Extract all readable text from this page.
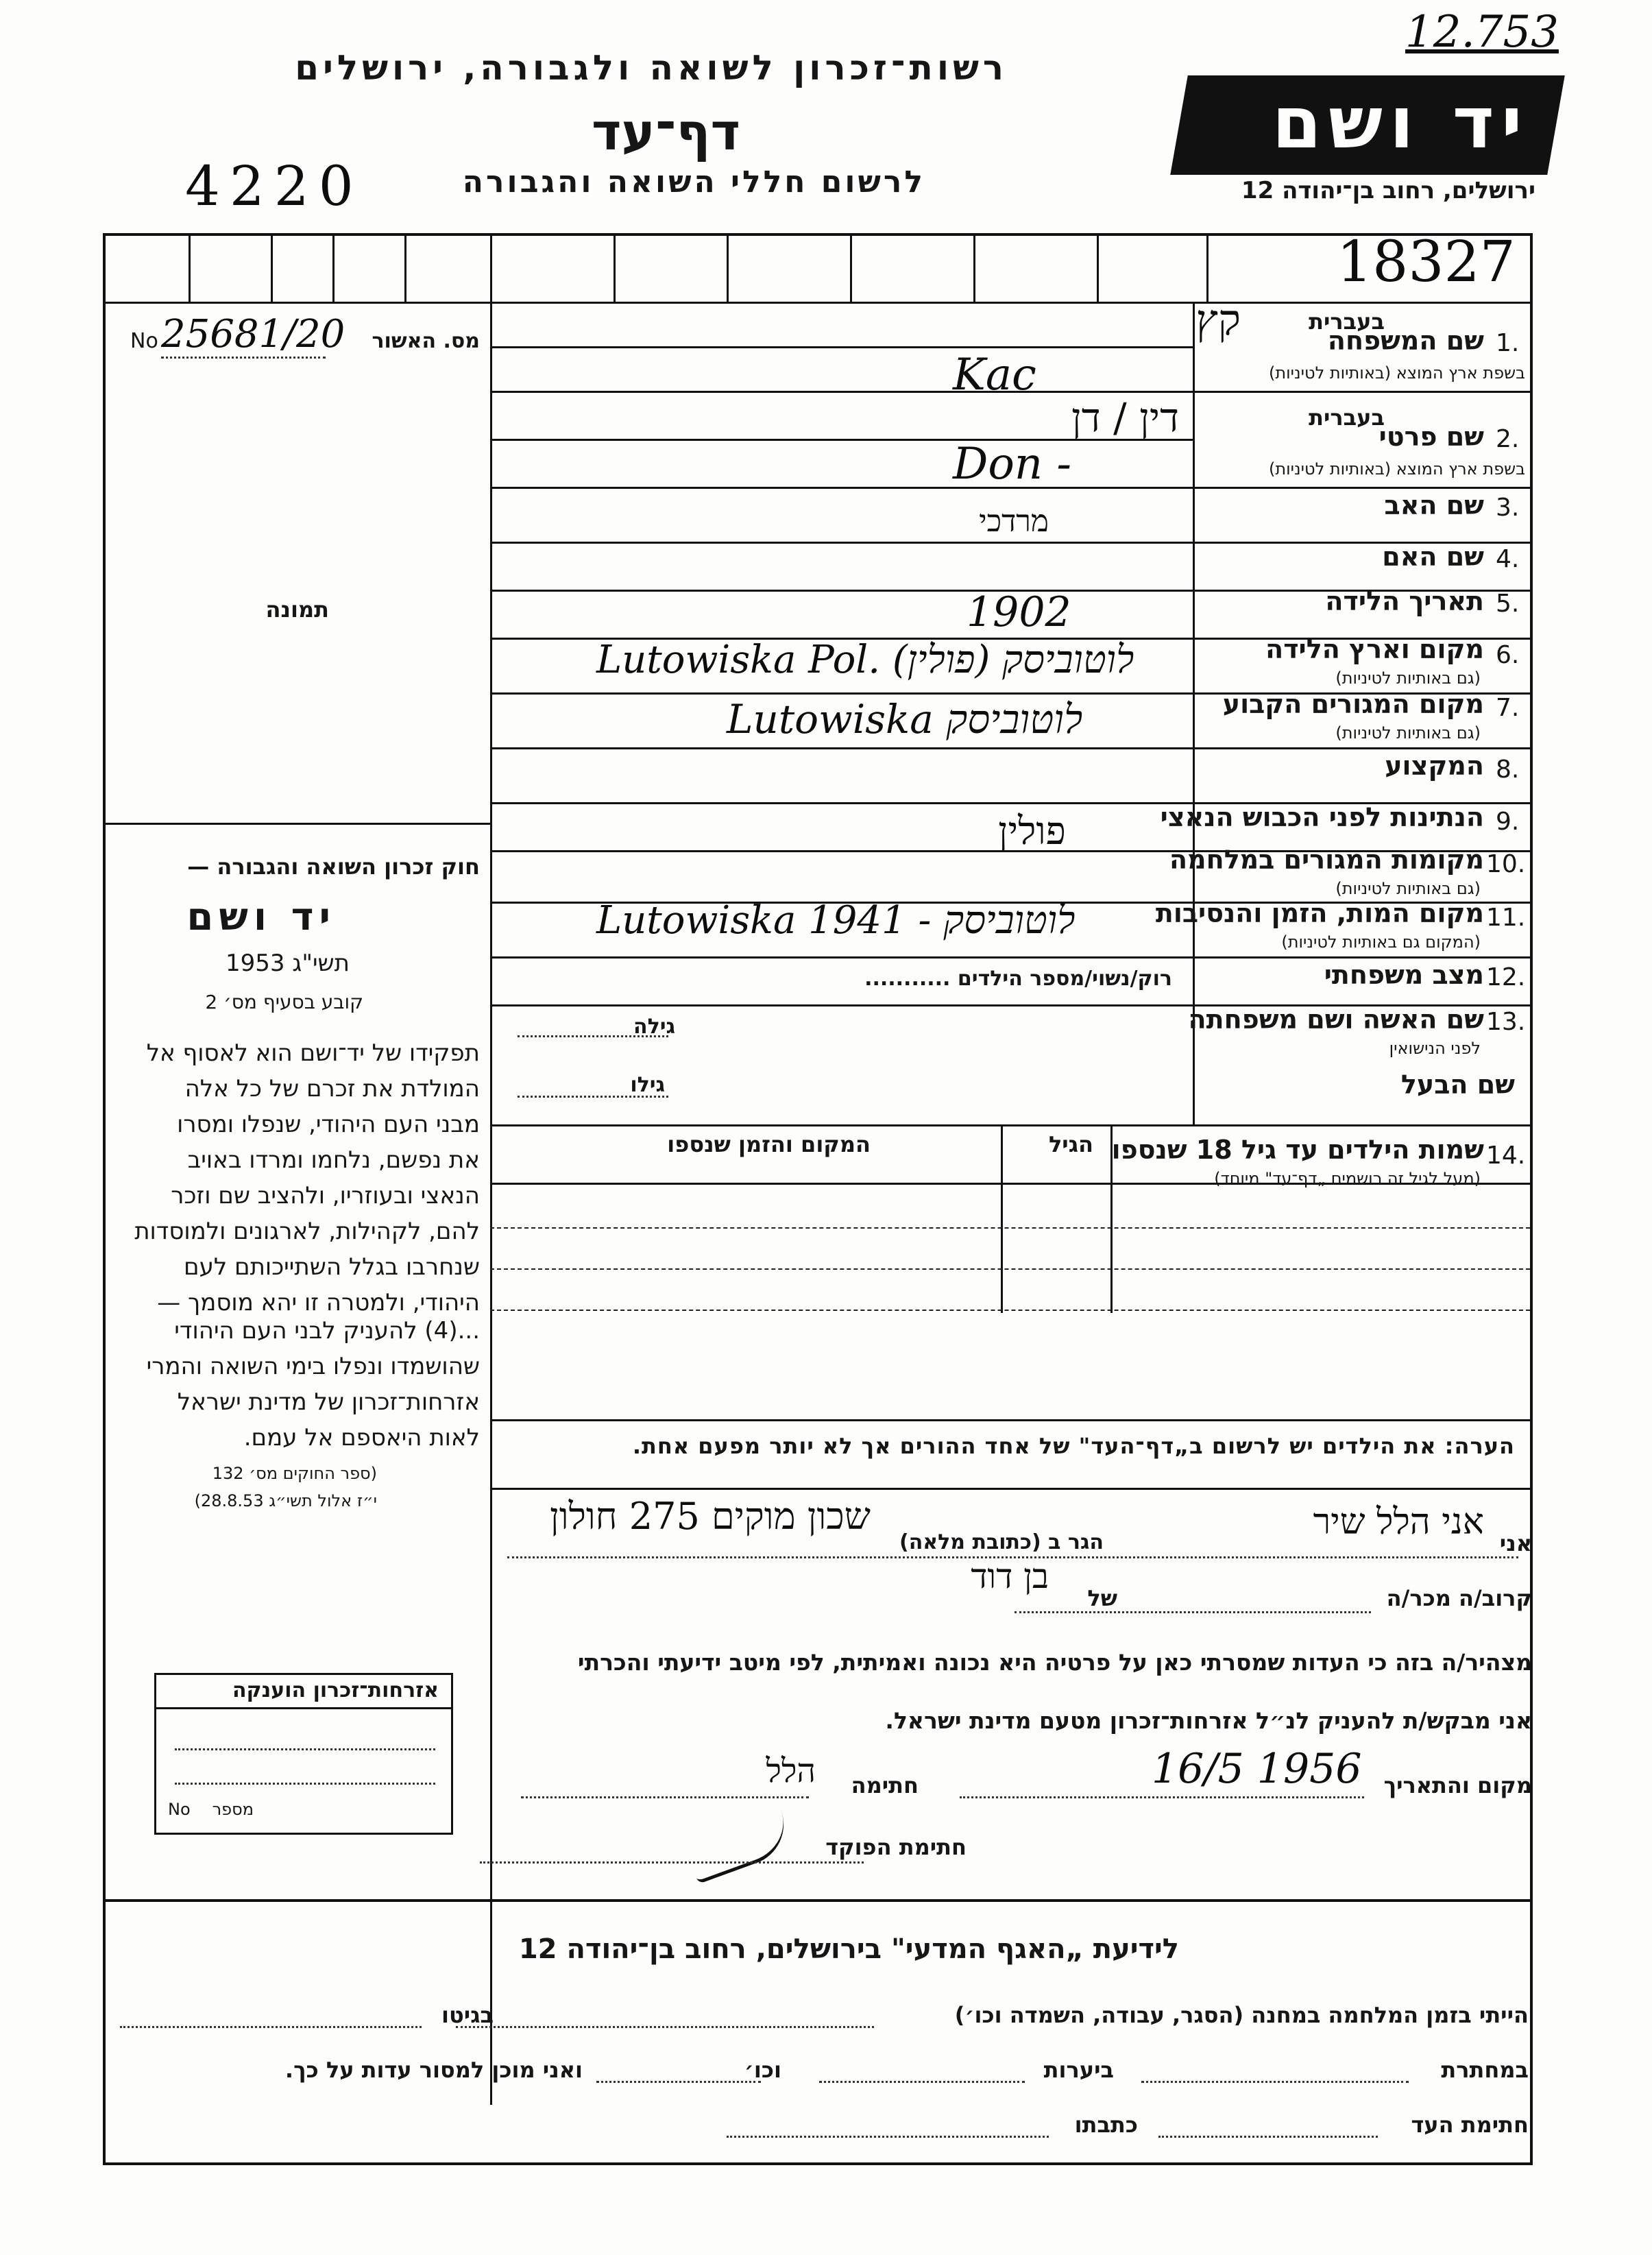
12.753
רשות־זכרון לשואה ולגבורה, ירושלים
דף־עד
לרשום חללי השואה והגבורה
4220
יד ושם
ירושלים, רחוב בן־יהודה 12
18327
מס. האשור
No 25681/20
תמונה
חוק זכרון השואה והגבורה —
יד ושם
תשי"ג 1953
קובע בסעיף מס׳ 2
תפקידו של יד־ושם הוא לאסוף אל
המולדת את זכרם של כל אלה
מבני העם היהודי, שנפלו ומסרו
את נפשם, נלחמו ומרדו באויב
הנאצי ובעוזריו, ולהציב שם וזכר
להם, לקהילות, לארגונים ולמוסדות
שנחרבו בגלל השתייכותם לעם
היהודי, ולמטרה זו יהא מוסמך —
...(4) להעניק לבני העם היהודי
שהושמדו ונפלו בימי השואה והמרי
אזרחות־זכרון של מדינת ישראל
לאות היאספם אל עמם.
(ספר החוקים מס׳ 132
י״ז אלול תשי״ג 28.8.53)
אזרחות־זכרון הוענקה
מספר
No
בעברית
1.
שם המשפחה
בשפת ארץ המוצא (באותיות לטיניות)
קץ
Kac
בעברית
2.
שם פרטי
בשפת ארץ המוצא (באותיות לטיניות)
דין / דן
Don -
3.
שם האב
מרדכי
4.
שם האם
5.
תאריך הלידה
1902
6.
מקום וארץ הלידה
(גם באותיות לטיניות)
Lutowiska Pol. לוטוביסק (פולין)
7.
מקום המגורים הקבוע
(גם באותיות לטיניות)
Lutowiska לוטוביסק
8.
המקצוע
9.
הנתינות לפני הכבוש הנאצי
פולין
10.
מקומות המגורים במלחמה
(גם באותיות לטיניות)
11.
מקום המות, הזמן והנסיבות
(המקום גם באותיות לטיניות)
Lutowiska 1941 - לוטוביסק
12.
מצב משפחתי
רוק/נשוי/מספר הילדים ...........
13.
שם האשה ושם משפחתה
לפני הנישואין
שם הבעל
גילה
גילו
14.
שמות הילדים עד גיל 18 שנספו
(מעל לגיל זה רושמים „דף־עד" מיוחד)
הגיל
המקום והזמן שנספו
הערה: את הילדים יש לרשום ב„דף־העד" של אחד ההורים אך לא יותר מפעם אחת.
אני
אני הלל שיר
הגר ב (כתובת מלאה)
שכון מוקים 275 חולון
קרוב/ה מכר/ה
של
בן דוד
מצהיר/ה בזה כי העדות שמסרתי כאן על פרטיה היא נכונה ואמיתית, לפי מיטב ידיעתי והכרתי
אני מבקש/ת להעניק לנ״ל אזרחות־זכרון מטעם מדינת ישראל.
מקום והתאריך
16/5 1956
חתימה
הלל
חתימת הפוקד
לידיעת „האגף המדעי" בירושלים, רחוב בן־יהודה 12
הייתי בזמן המלחמה במחנה (הסגר, עבודה, השמדה וכו׳)
בגיטו
במחתרת
ביערות
וכו׳
ואני מוכן למסור עדות על כך.
חתימת העד
כתבתו
